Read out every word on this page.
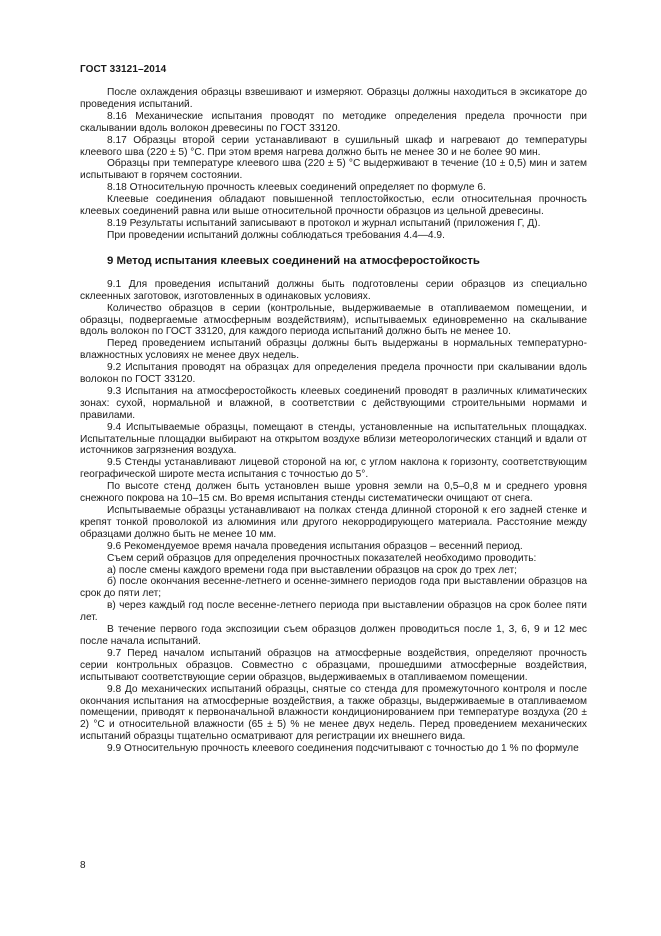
ГОСТ 33121–2014

После охлаждения образцы взвешивают и измеряют. Образцы должны находиться в эксикаторе до проведения испытаний.

8.16 Механические испытания проводят по методике определения предела прочности при скалывании вдоль волокон древесины по ГОСТ 33120.

8.17 Образцы второй серии устанавливают в сушильный шкаф и нагревают до температуры клеевого шва (220 ± 5) °С. При этом время нагрева должно быть не менее 30 и не более 90 мин.

Образцы при температуре клеевого шва (220 ± 5) °С выдерживают в течение (10 ± 0,5) мин и затем испытывают в горячем состоянии.

8.18 Относительную прочность клеевых соединений определяет по формуле 6.

Клеевые соединения обладают повышенной теплостойкостью, если относительная прочность клеевых соединений равна или выше относительной прочности образцов из цельной древесины.

8.19 Результаты испытаний записывают в протокол и журнал испытаний (приложения Г, Д).

При проведении испытаний должны соблюдаться требования 4.4—4.9.

9 Метод испытания клеевых соединений на атмосферостойкость

9.1 Для проведения испытаний должны быть подготовлены серии образцов из специально склеенных заготовок, изготовленных в одинаковых условиях.

Количество образцов в серии (контрольные, выдерживаемые в отапливаемом помещении, и образцы, подвергаемые атмосферным воздействиям), испытываемых единовременно на скалывание вдоль волокон по ГОСТ 33120, для каждого периода испытаний должно быть не менее 10.

Перед проведением испытаний образцы должны быть выдержаны в нормальных температурно-влажностных условиях не менее двух недель.

9.2 Испытания проводят на образцах для определения предела прочности при скалывании вдоль волокон по ГОСТ 33120.

9.3 Испытания на атмосферостойкость клеевых соединений проводят в различных климатических зонах: сухой, нормальной и влажной, в соответствии с действующими строительными нормами и правилами.

9.4 Испытываемые образцы, помещают в стенды, установленные на испытательных площадках. Испытательные площадки выбирают на открытом воздухе вблизи метеорологических станций и вдали от источников загрязнения воздуха.

9.5 Стенды устанавливают лицевой стороной на юг, с углом наклона к горизонту, соответствующим географической широте места испытания с точностью до 5°.

По высоте стенд должен быть установлен выше уровня земли на 0,5–0,8 м и среднего уровня снежного покрова на 10–15 см. Во время испытания стенды систематически очищают от снега.

Испытываемые образцы устанавливают на полках стенда длинной стороной к его задней стенке и крепят тонкой проволокой из алюминия или другого некорродирующего материала. Расстояние между образцами должно быть не менее 10 мм.

9.6 Рекомендуемое время начала проведения испытания образцов – весенний период.

Съем серий образцов для определения прочностных показателей необходимо проводить:

а) после смены каждого времени года при выставлении образцов на срок до трех лет;

б) после окончания весенне-летнего и осенне-зимнего периодов года при выставлении образцов на срок до пяти лет;

в) через каждый год после весенне-летнего периода при выставлении образцов на срок более пяти лет.

В течение первого года экспозиции съем образцов должен проводиться после 1, 3, 6, 9 и 12 мес после начала испытаний.

9.7 Перед началом испытаний образцов на атмосферные воздействия, определяют прочность серии контрольных образцов. Совместно с образцами, прошедшими атмосферные воздействия, испытывают соответствующие серии образцов, выдерживаемых в отапливаемом помещении.

9.8 До механических испытаний образцы, снятые со стенда для промежуточного контроля и после окончания испытания на атмосферные воздействия, а также образцы, выдерживаемые в отапливаемом помещении, приводят к первоначальной влажности кондиционированием при температуре воздуха (20 ± 2) °С и относительной влажности (65 ± 5) % не менее двух недель. Перед проведением механических испытаний образцы тщательно осматривают для регистрации их внешнего вида.

9.9 Относительную прочность клеевого соединения подсчитывают с точностью до 1 % по формуле

8
